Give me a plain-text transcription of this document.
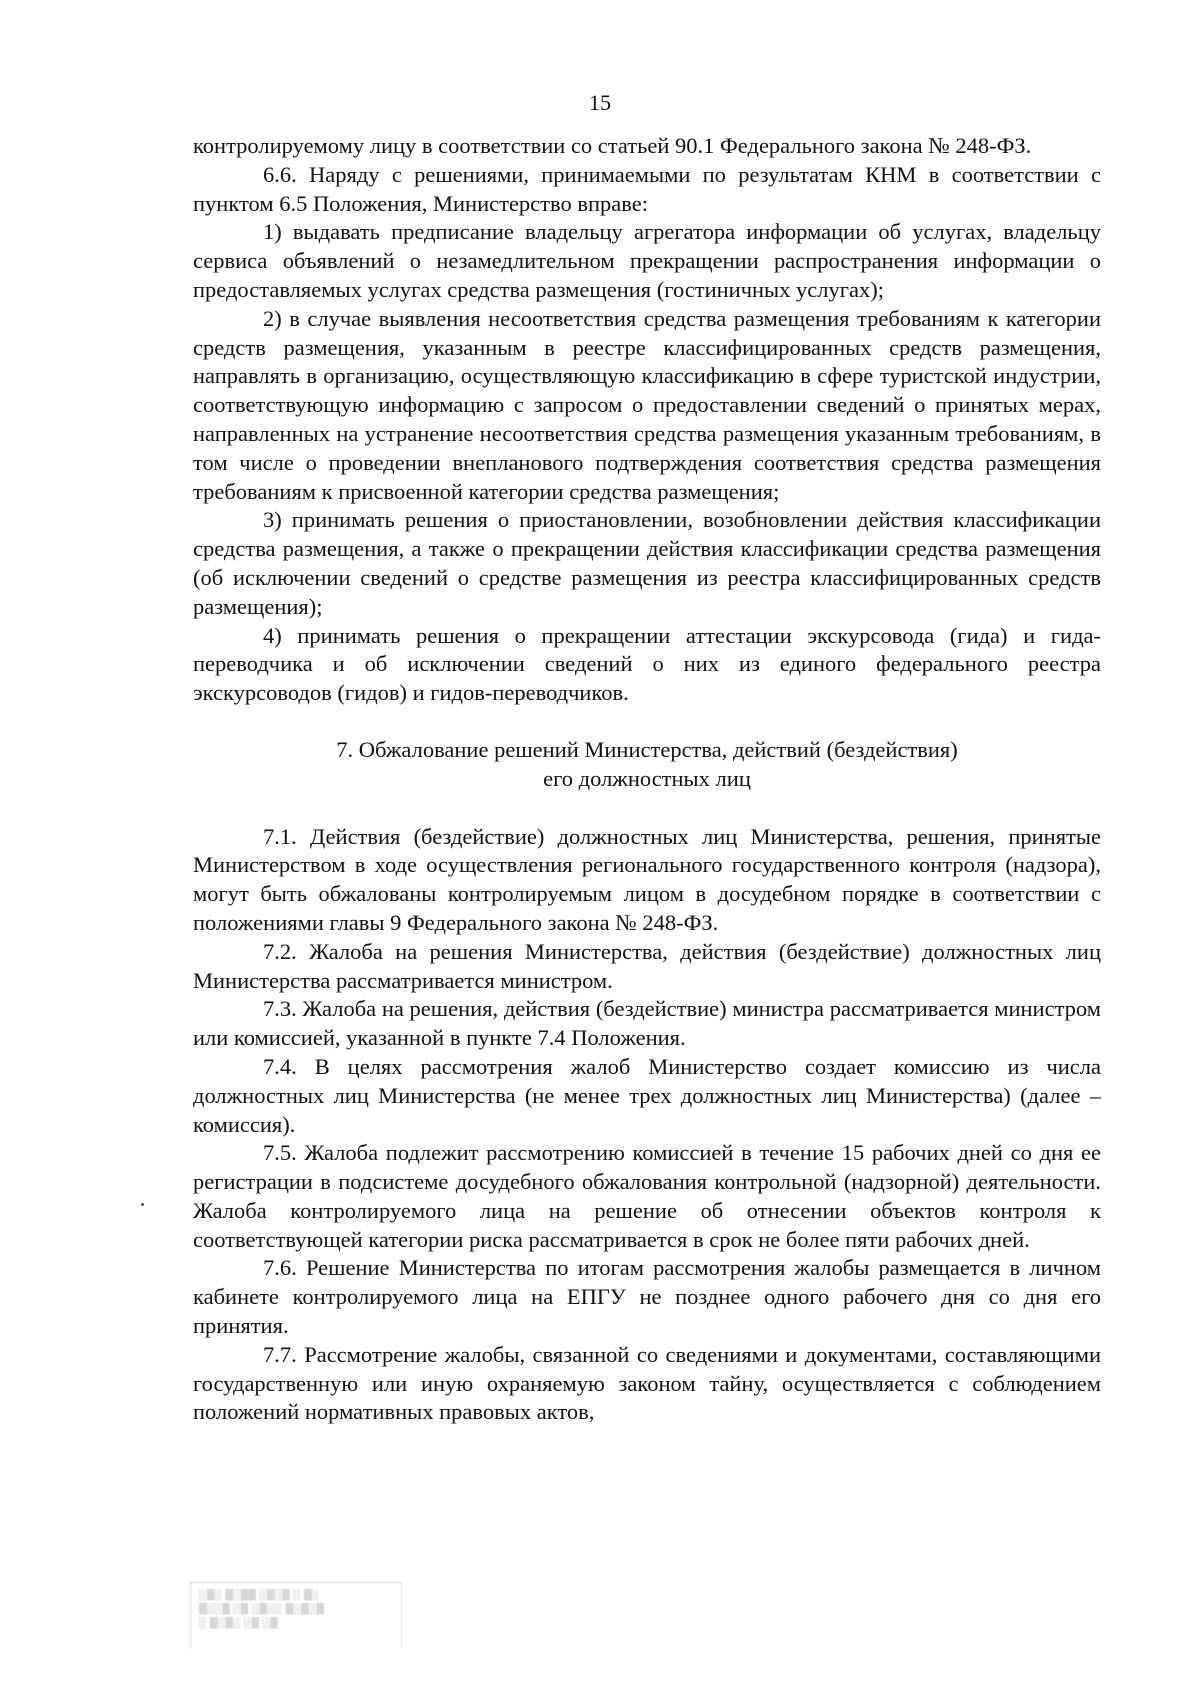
15

контролируемому лицу в соответствии со статьей 90.1 Федерального закона № 248-ФЗ.

6.6. Наряду с решениями, принимаемыми по результатам КНМ в соответствии с пунктом 6.5 Положения, Министерство вправе:

1) выдавать предписание владельцу агрегатора информации об услугах, владельцу сервиса объявлений о незамедлительном прекращении распространения информации о предоставляемых услугах средства размещения (гостиничных услугах);

2) в случае выявления несоответствия средства размещения требованиям к категории средств размещения, указанным в реестре классифицированных средств размещения, направлять в организацию, осуществляющую классификацию в сфере туристской индустрии, соответствующую информацию с запросом о предоставлении сведений о принятых мерах, направленных на устранение несоответствия средства размещения указанным требованиям, в том числе о проведении внепланового подтверждения соответствия средства размещения требованиям к присвоенной категории средства размещения;

3) принимать решения о приостановлении, возобновлении действия классификации средства размещения, а также о прекращении действия классификации средства размещения (об исключении сведений о средстве размещения из реестра классифицированных средств размещения);

4) принимать решения о прекращении аттестации экскурсовода (гида) и гида-переводчика и об исключении сведений о них из единого федерального реестра экскурсоводов (гидов) и гидов-переводчиков.

7. Обжалование решений Министерства, действий (бездействия)
его должностных лиц

7.1. Действия (бездействие) должностных лиц Министерства, решения, принятые Министерством в ходе осуществления регионального государственного контроля (надзора), могут быть обжалованы контролируемым лицом в досудебном порядке в соответствии с положениями главы 9 Федерального закона № 248-ФЗ.

7.2. Жалоба на решения Министерства, действия (бездействие) должностных лиц Министерства рассматривается министром.

7.3. Жалоба на решения, действия (бездействие) министра рассматривается министром или комиссией, указанной в пункте 7.4 Положения.

7.4. В целях рассмотрения жалоб Министерство создает комиссию из числа должностных лиц Министерства (не менее трех должностных лиц Министерства) (далее – комиссия).

7.5. Жалоба подлежит рассмотрению комиссией в течение 15 рабочих дней со дня ее регистрации в подсистеме досудебного обжалования контрольной (надзорной) деятельности. Жалоба контролируемого лица на решение об отнесении объектов контроля к соответствующей категории риска рассматривается в срок не более пяти рабочих дней.

7.6. Решение Министерства по итогам рассмотрения жалобы размещается в личном кабинете контролируемого лица на ЕПГУ не позднее одного рабочего дня со дня его принятия.

7.7. Рассмотрение жалобы, связанной со сведениями и документами, составляющими государственную или иную охраняемую законом тайну, осуществляется с соблюдением положений нормативных правовых актов,

░▒░ ▒░▒▒ ░▒░▒ ░ ▒░
▒░░▒ ░▒ ░▒░░ ▒░▒░▒
░ ▒░▒░ ░▒ ░▒
